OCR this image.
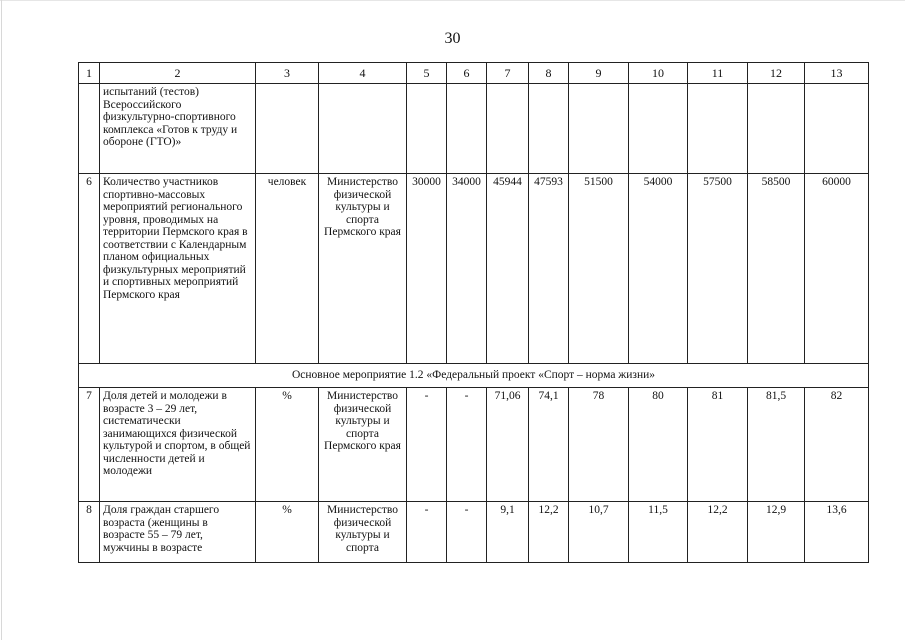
30
1	2	3	4	5	6	7	8	9	10	11	12	13
	испытаний (тестов) Всероссийского физкультурно-спортивного комплекса «Готов к труду и обороне (ГТО)»											
6	Количество участников спортивно-массовых мероприятий регионального уровня, проводимых на территории Пермского края в соответствии с Календарным планом официальных физкультурных мероприятий и спортивных мероприятий Пермского края	человек	Министерство физической культуры и спорта Пермского края	30000	34000	45944	47593	51500	54000	57500	58500	60000
Основное мероприятие 1.2 «Федеральный проект «Спорт – норма жизни»												
7	Доля детей и молодежи в возрасте 3 – 29 лет, систематически занимающихся физической культурой и спортом, в общей численности детей и молодежи	%	Министерство физической культуры и спорта Пермского края	-	-	71,06	74,1	78	80	81	81,5	82
8	Доля граждан старшего возраста (женщины в возрасте 55 – 79 лет, мужчины в возрасте	%	Министерство физической культуры и спорта	-	-	9,1	12,2	10,7	11,5	12,2	12,9	13,6
